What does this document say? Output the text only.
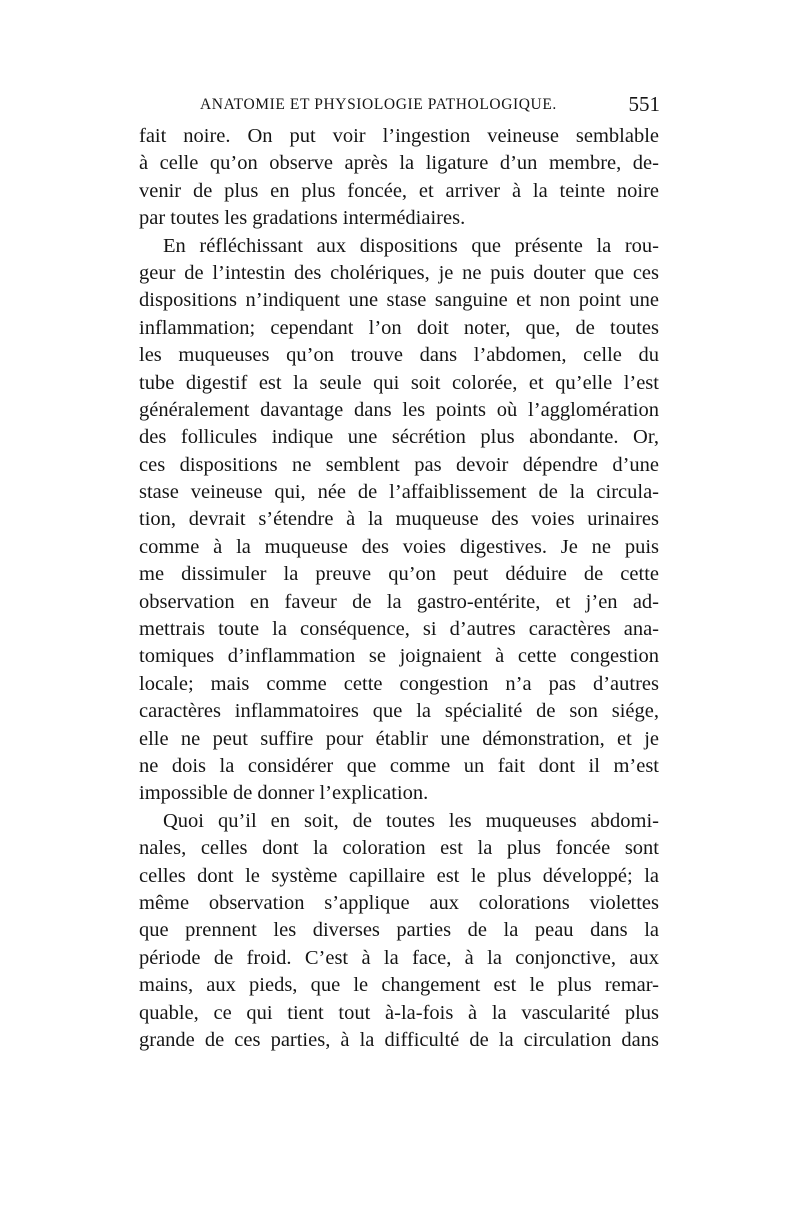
ANATOMIE ET PHYSIOLOGIE PATHOLOGIQUE.	551
fait noire. On put voir l’ingestion veineuse semblable
à celle qu’on observe après la ligature d’un membre, de-
venir de plus en plus foncée, et arriver à la teinte noire
par toutes les gradations intermédiaires.
En réfléchissant aux dispositions que présente la rou-
geur de l’intestin des cholériques, je ne puis douter que ces
dispositions n’indiquent une stase sanguine et non point une
inflammation; cependant l’on doit noter, que, de toutes
les muqueuses qu’on trouve dans l’abdomen, celle du
tube digestif est la seule qui soit colorée, et qu’elle l’est
généralement davantage dans les points où l’agglomération
des follicules indique une sécrétion plus abondante. Or,
ces dispositions ne semblent pas devoir dépendre d’une
stase veineuse qui, née de l’affaiblissement de la circula-
tion, devrait s’étendre à la muqueuse des voies urinaires
comme à la muqueuse des voies digestives. Je ne puis
me dissimuler la preuve qu’on peut déduire de cette
observation en faveur de la gastro-entérite, et j’en ad-
mettrais toute la conséquence, si d’autres caractères ana-
tomiques d’inflammation se joignaient à cette congestion
locale; mais comme cette congestion n’a pas d’autres
caractères inflammatoires que la spécialité de son siége,
elle ne peut suffire pour établir une démonstration, et je
ne dois la considérer que comme un fait dont il m’est
impossible de donner l’explication.
Quoi qu’il en soit, de toutes les muqueuses abdomi-
nales, celles dont la coloration est la plus foncée sont
celles dont le système capillaire est le plus développé; la
même observation s’applique aux colorations violettes
que prennent les diverses parties de la peau dans la
période de froid. C’est à la face, à la conjonctive, aux
mains, aux pieds, que le changement est le plus remar-
quable, ce qui tient tout à-la-fois à la vascularité plus
grande de ces parties, à la difficulté de la circulation dans
